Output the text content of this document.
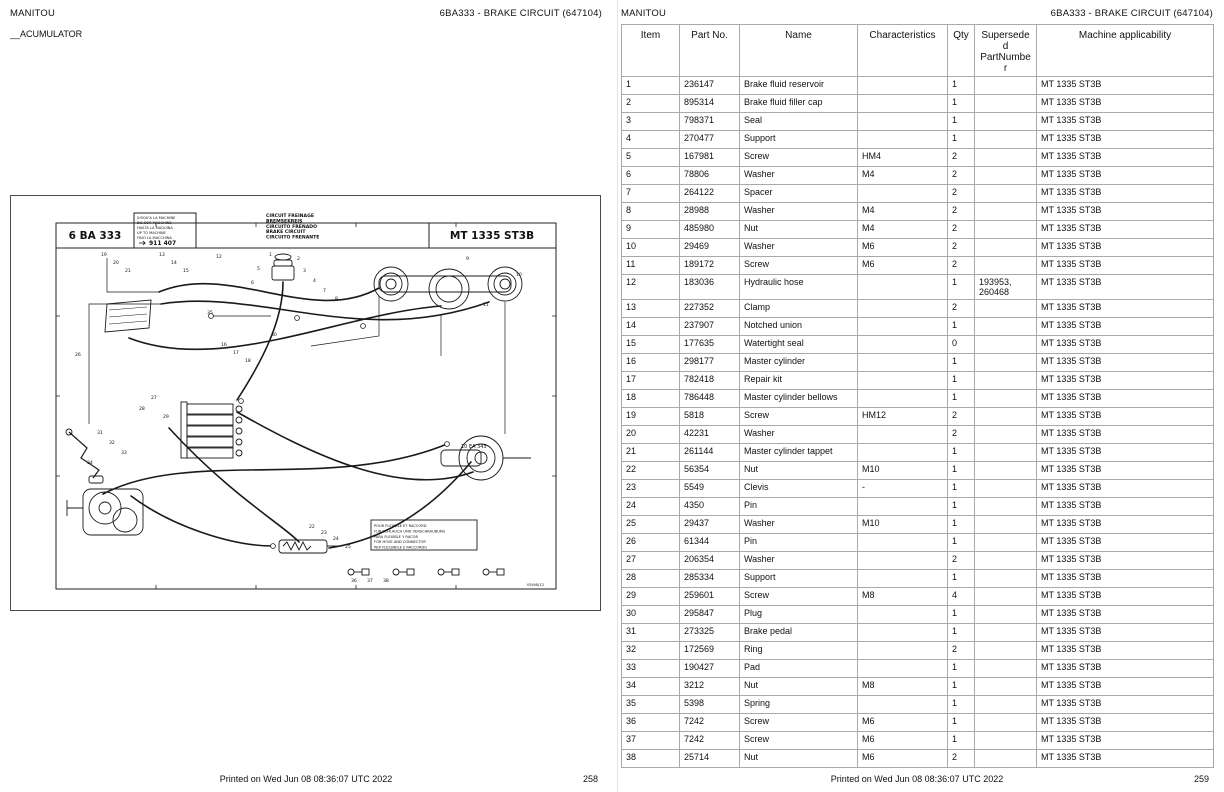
MANITOU	6BA333 - BRAKE CIRCUIT (647104)
__ACUMULATOR
6 BA 333	MT 1335 ST3B
JUSQU'A LA MACHINE
BIS DER MASCHINE
HASTA LA MAQUINA
UP TO MACHINE
FINO LA MACCHINA
911 407
CIRCUIT FREINAGE
BREMSEKREIS
CIRCUITO FRENADO
BRAKE CIRCUIT
CIRCUITO FRENANTE
POUR FLEXIBLE ET RACCORD
FÜR SCHLAUCH UND VERSCHRAUBUNG
PARA FLEXIBLE Y RACOR
FOR HOSE AND CONNECTOR
PER FLESSIBILE E RACCORDO
10 EA 345
05/98/12
1
2
3
4
5
6
7
8
9
10
11
12
13
14
15
16
17
18
19
20
21
22
23
24
25
26
27
28
29
30
31
32
33
34
35
36 37 38
Printed on Wed Jun 08 08:36:07 UTC 2022	258
MANITOU	6BA333 - BRAKE CIRCUIT (647104)
Item	Part No.	Name	Characteristics	Qty	Superseded PartNumber	Machine applicability
1	236147	Brake fluid reservoir		1		MT 1335 ST3B
2	895314	Brake fluid filler cap		1		MT 1335 ST3B
3	798371	Seal		1		MT 1335 ST3B
4	270477	Support		1		MT 1335 ST3B
5	167981	Screw	HM4	2		MT 1335 ST3B
6	78806	Washer	M4	2		MT 1335 ST3B
7	264122	Spacer		2		MT 1335 ST3B
8	28988	Washer	M4	2		MT 1335 ST3B
9	485980	Nut	M4	2		MT 1335 ST3B
10	29469	Washer	M6	2		MT 1335 ST3B
11	189172	Screw	M6	2		MT 1335 ST3B
12	183036	Hydraulic hose		1	193953, 260468	MT 1335 ST3B
13	227352	Clamp		2		MT 1335 ST3B
14	237907	Notched union		1		MT 1335 ST3B
15	177635	Watertight seal		0		MT 1335 ST3B
16	298177	Master cylinder		1		MT 1335 ST3B
17	782418	Repair kit		1		MT 1335 ST3B
18	786448	Master cylinder bellows		1		MT 1335 ST3B
19	5818	Screw	HM12	2		MT 1335 ST3B
20	42231	Washer		2		MT 1335 ST3B
21	261144	Master cylinder tappet		1		MT 1335 ST3B
22	56354	Nut	M10	1		MT 1335 ST3B
23	5549	Clevis	-	1		MT 1335 ST3B
24	4350	Pin		1		MT 1335 ST3B
25	29437	Washer	M10	1		MT 1335 ST3B
26	61344	Pin		1		MT 1335 ST3B
27	206354	Washer		2		MT 1335 ST3B
28	285334	Support		1		MT 1335 ST3B
29	259601	Screw	M8	4		MT 1335 ST3B
30	295847	Plug		1		MT 1335 ST3B
31	273325	Brake pedal		1		MT 1335 ST3B
32	172569	Ring		2		MT 1335 ST3B
33	190427	Pad		1		MT 1335 ST3B
34	3212	Nut	M8	1		MT 1335 ST3B
35	5398	Spring		1		MT 1335 ST3B
36	7242	Screw	M6	1		MT 1335 ST3B
37	7242	Screw	M6	1		MT 1335 ST3B
38	25714	Nut	M6	2		MT 1335 ST3B
Printed on Wed Jun 08 08:36:07 UTC 2022	259
